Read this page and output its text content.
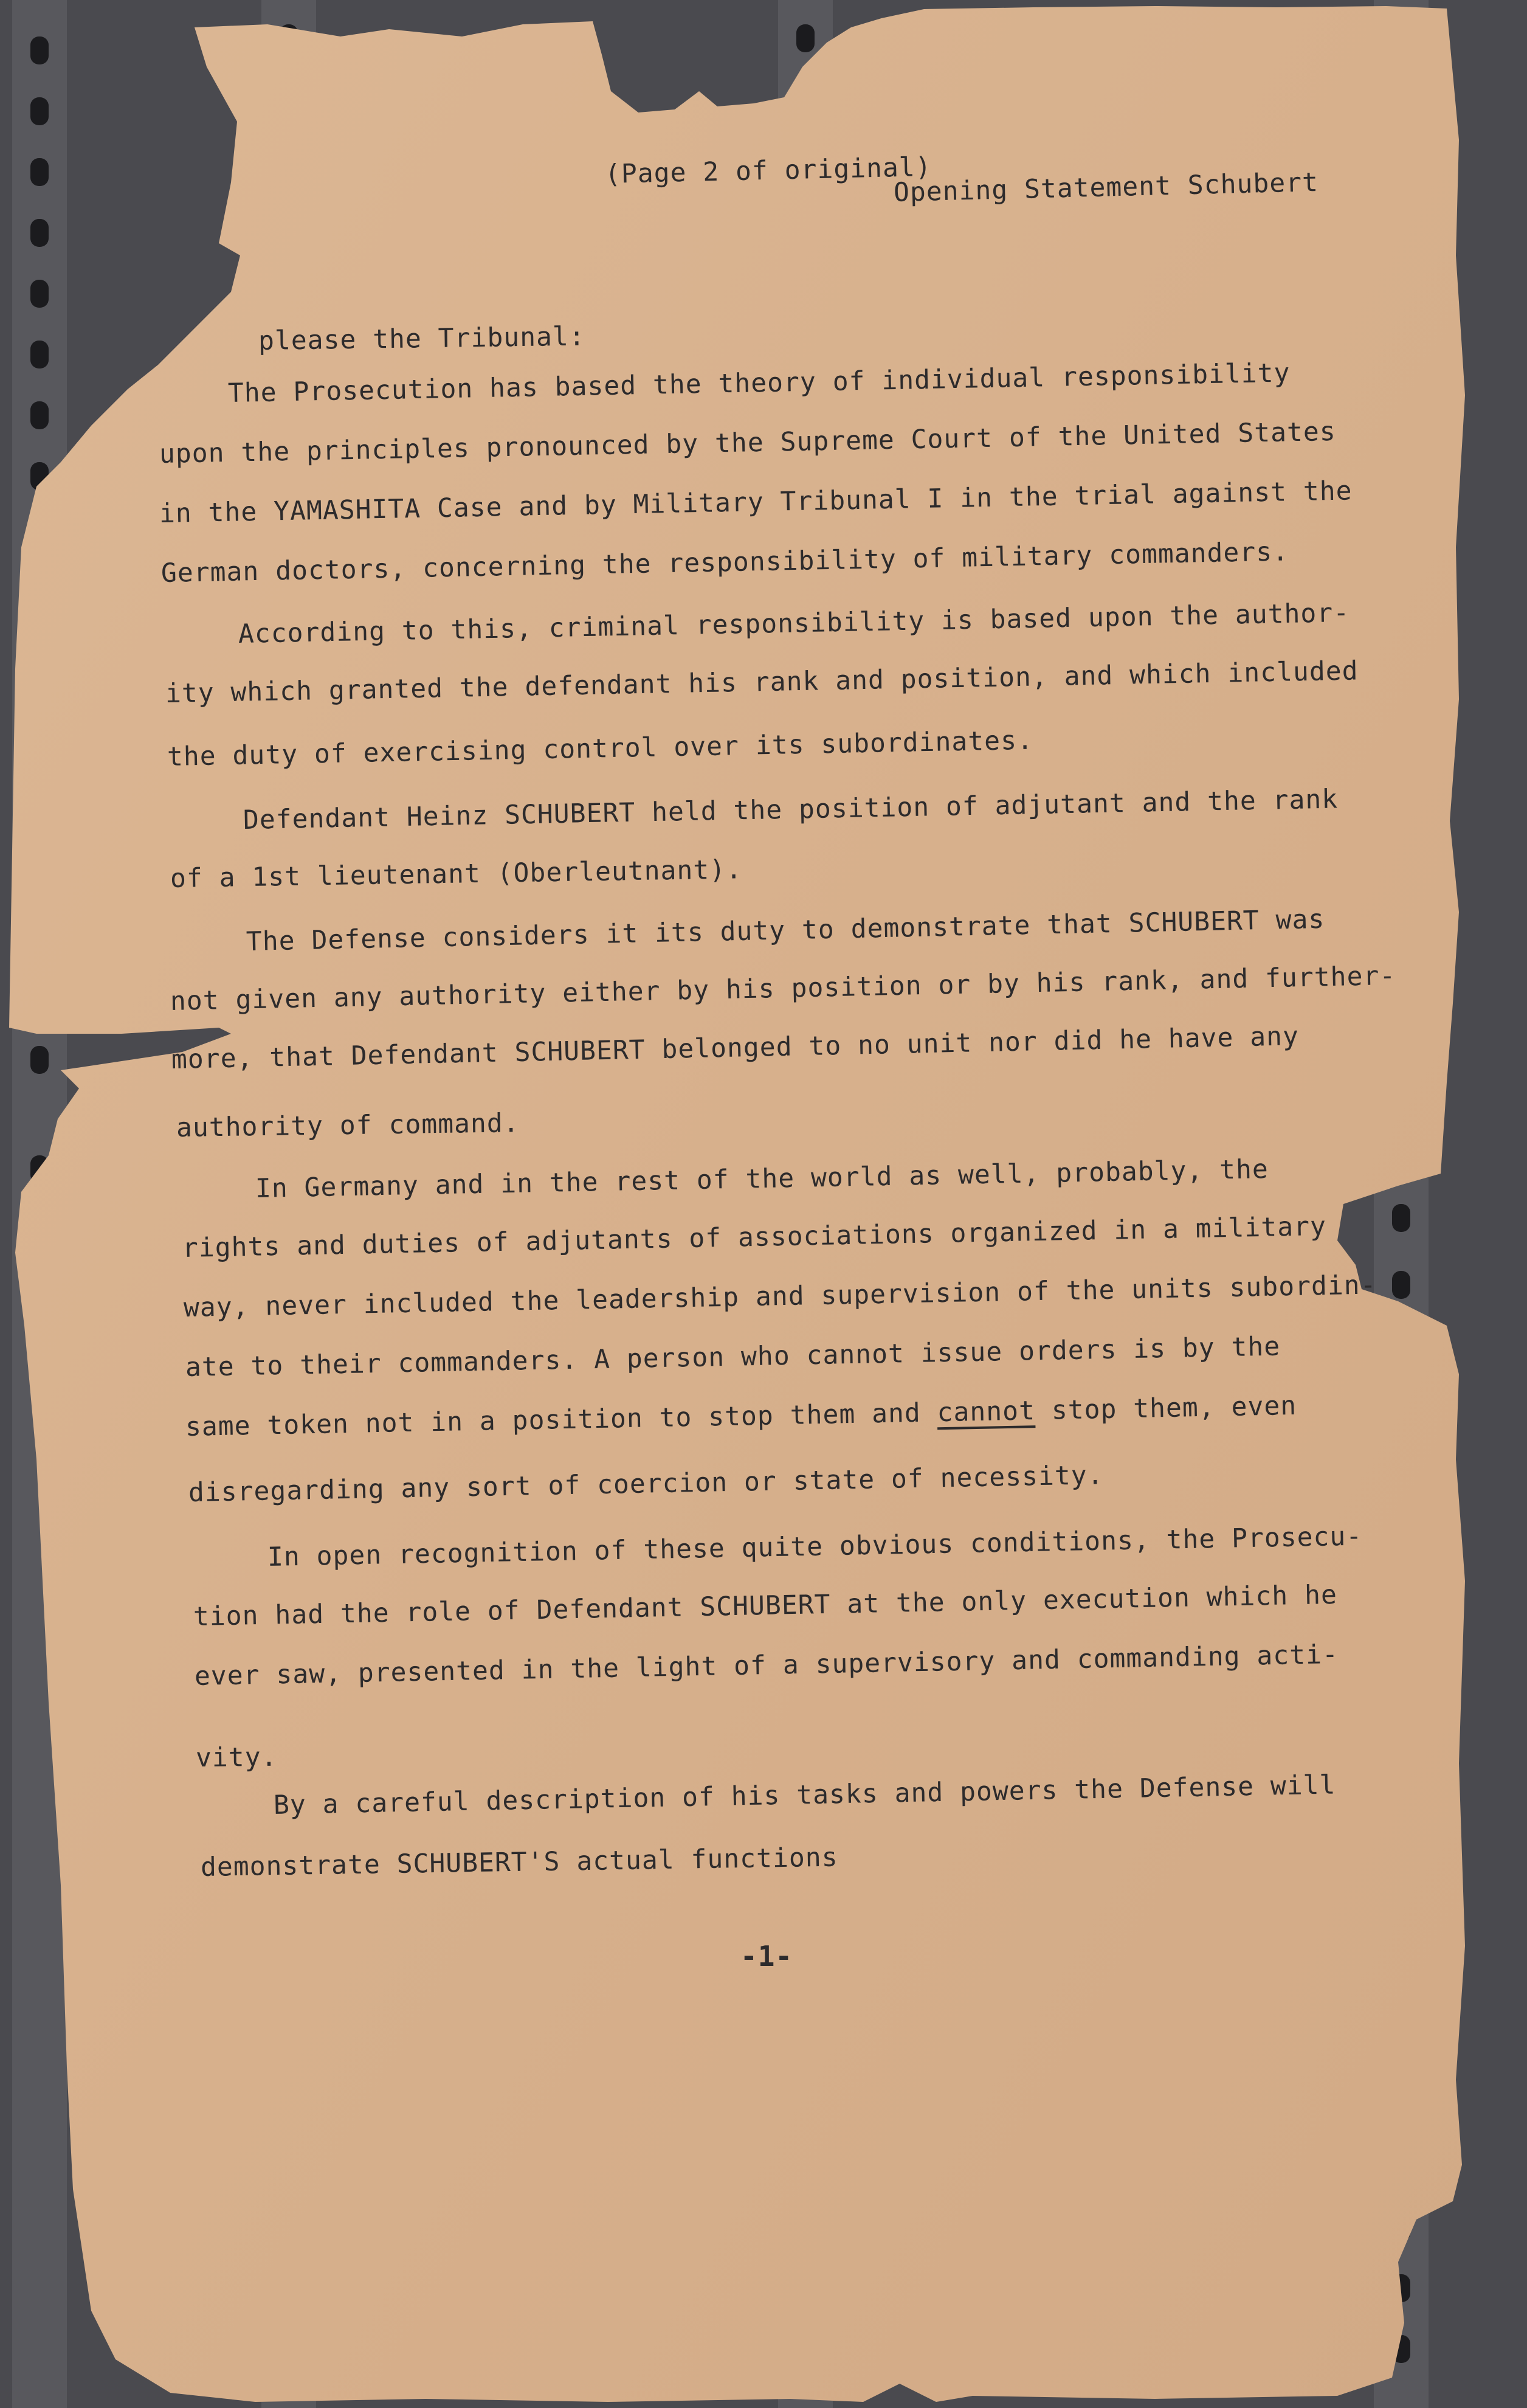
(Page 2 of original)
Opening Statement Schubert
please the Tribunal:
The Prosecution has based the theory of individual responsibility
upon the principles pronounced by the Supreme Court of the United States
in the YAMASHITA Case and by Military Tribunal I in the trial against the
German doctors, concerning the responsibility of military commanders.
According to this, criminal responsibility is based upon the author-
ity which granted the defendant his rank and position, and which included
the duty of exercising control over its subordinates.
Defendant Heinz SCHUBERT held the position of adjutant and the rank
of a 1st lieutenant (Oberleutnant).
The Defense considers it its duty to demonstrate that SCHUBERT was
not given any authority either by his position or by his rank, and further-
more, that Defendant SCHUBERT belonged to no unit nor did he have any
authority of command.
In Germany and in the rest of the world as well, probably, the
rights and duties of adjutants of associations organized in a military
way, never included the leadership and supervision of the units subordin-
ate to their commanders. A person who cannot issue orders is by the
same token not in a position to stop them and cannot stop them, even
disregarding any sort of coercion or state of necessity.
In open recognition of these quite obvious conditions, the Prosecu-
tion had the role of Defendant SCHUBERT at the only execution which he
ever saw, presented in the light of a supervisory and commanding acti-
vity.
By a careful description of his tasks and powers the Defense will
demonstrate SCHUBERT'S actual functions
-1-
